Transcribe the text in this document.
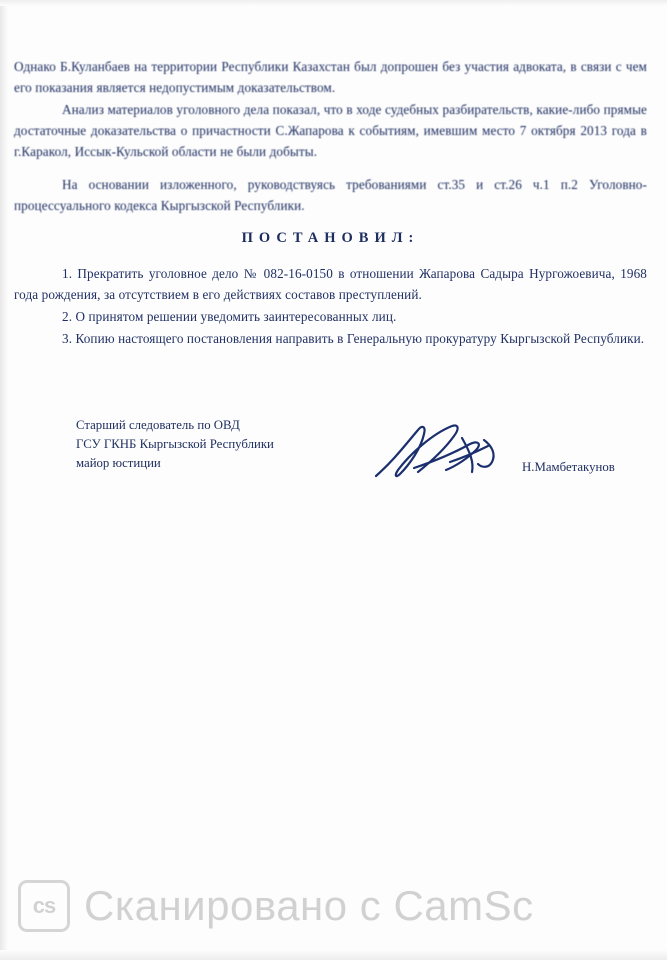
Однако Б.Куланбаев на территории Республики Казахстан был допрошен без участия адвоката, в связи с чем его показания является недопустимым доказательством.

Анализ материалов уголовного дела показал, что в ходе судебных разбирательств, какие-либо прямые достаточные доказательства о причастности С.Жапарова к событиям, имевшим место 7 октября 2013 года в г.Каракол, Иссык-Кульской области не были добыты.

На основании изложенного, руководствуясь требованиями ст.35 и ст.26 ч.1 п.2 Уголовно-процессуального кодекса Кыргызской Республики.

ПОСТАНОВИЛ:

1. Прекратить уголовное дело № 082-16-0150 в отношении Жапарова Садыра Нургожоевича, 1968 года рождения, за отсутствием в его действиях составов преступлений.

2. О принятом решении уведомить заинтересованных лиц.

3. Копию настоящего постановления направить в Генеральную прокуратуру Кыргызской Республики.

Старший следователь по ОВД
ГСУ ГКНБ Кыргызской Республики
майор юстиции	Н.Мамбетакунов
cs Сканировано с CamSc
